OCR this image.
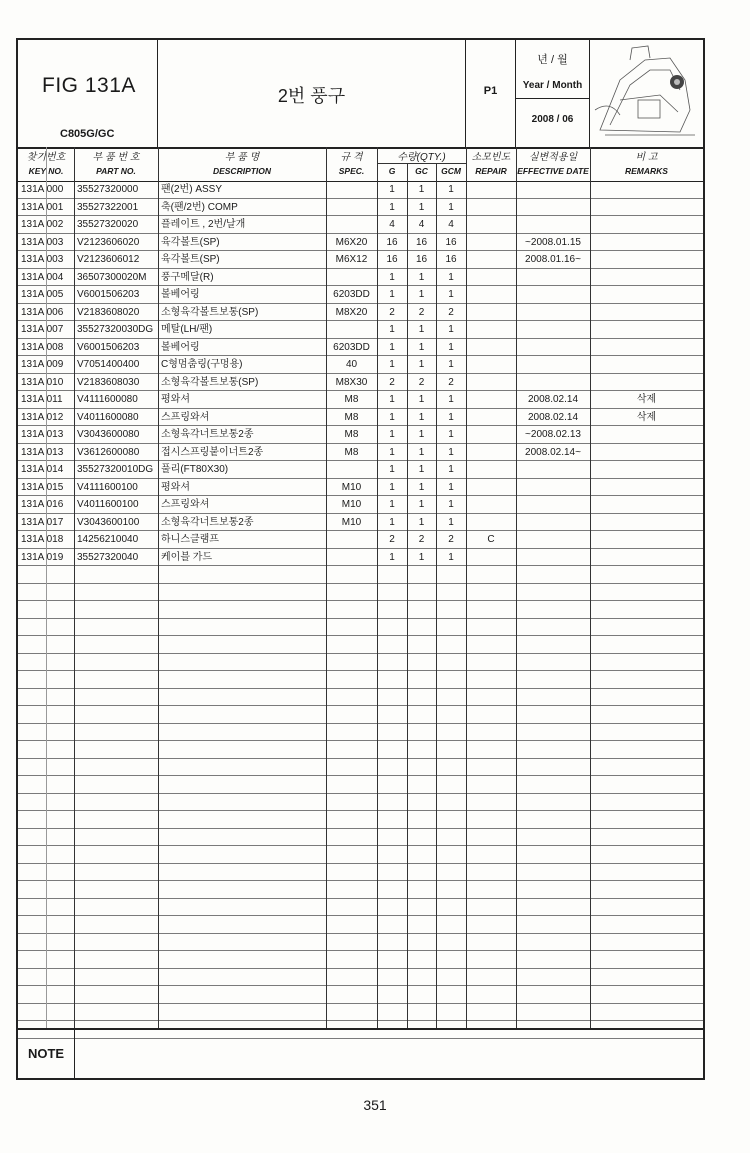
FIG 131A
C805G/GC
2번 풍구	P1
년 / 월
Year / Month
2008 / 06
찾기번호
KEY NO.
부 품 번 호
PART NO.
부 품 명
DESCRIPTION
규 격
SPEC.
수량(QTY.)
G	GC	GCM
소모빈도
REPAIR
실변적용일
EFFECTIVE DATE
비 고
REMARKS
131A 000	35527320000	팬(2번) ASSY	1	1	1
131A 001	35527322001	축(팬/2번) COMP	1	1	1
131A 002	35527320020	플레이트 , 2번/날개	4	4	4
131A 003	V2123606020	육각볼트(SP)	M6X20	16	16	16	~2008.01.15
131A 003	V2123606012	육각볼트(SP)	M6X12	16	16	16	2008.01.16~
131A 004	36507300020M	풍구메달(R)	1	1	1
131A 005	V6001506203	볼베어링	6203DD	1	1	1
131A 006	V2183608020	소형육각볼트보통(SP)	M8X20	2	2	2
131A 007	35527320030DG 메탈(LH/팬)	1	1	1
131A 008	V6001506203	볼베어링	6203DD	1	1	1
131A 009	V7051400400	C형멈춤링(구멍용)	40	1	1	1
131A 010	V2183608030	소형육각볼트보통(SP)	M8X30	2	2	2
131A 011	V4111600080	평와셔	M8	1	1	1	2008.02.14	삭제
131A 012	V4011600080	스프링와셔	M8	1	1	1	2008.02.14	삭제
131A 013	V3043600080	소형육각너트보통2종	M8	1	1	1	~2008.02.13
131A 013	V3612600080	접시스프링붙이너트2종	M8	1	1	1	2008.02.14~
131A 014	35527320010DG 풀리(FT80X30)	1	1	1
131A 015	V4111600100	평와셔	M10	1	1	1
131A 016	V4011600100	스프링와셔	M10	1	1	1
131A 017	V3043600100	소형육각너트보통2종	M10	1	1	1
131A 018	14256210040	하니스클램프	2	2	2	C
131A 019	35527320040	케이블 가드	1	1	1
NOTE
351
